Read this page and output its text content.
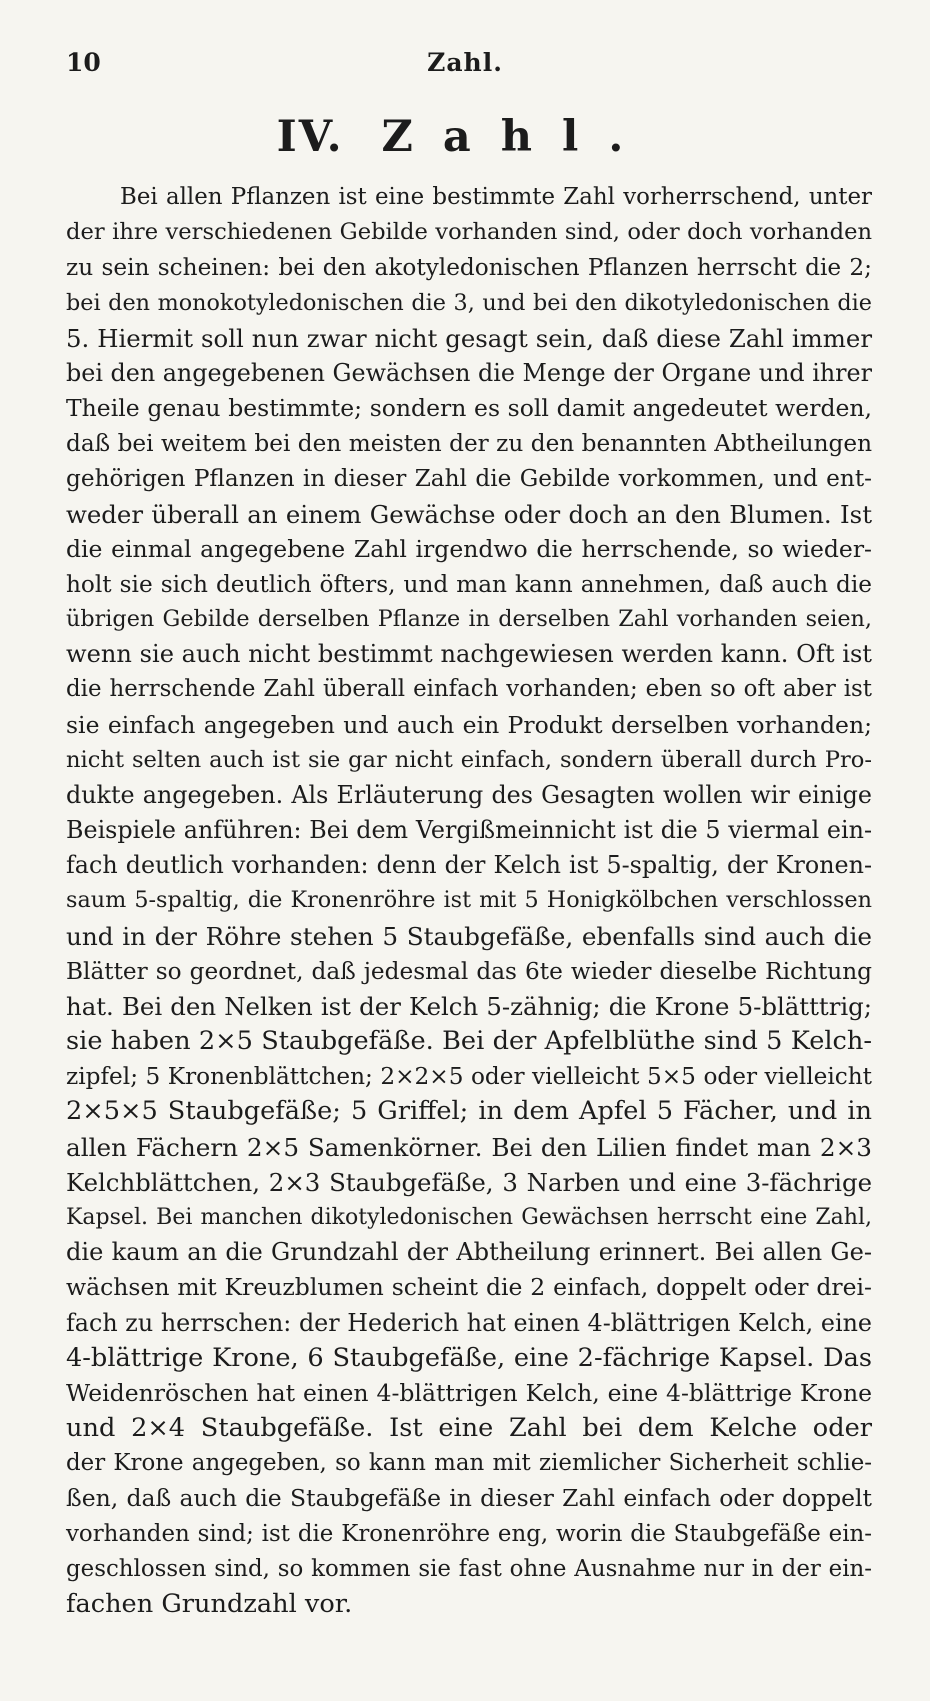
10	Zahl.
IV. Zahl.
Bei allen Pflanzen ist eine bestimmte Zahl vorherrschend, unter
der ihre verschiedenen Gebilde vorhanden sind, oder doch vorhanden
zu sein scheinen: bei den akotyledonischen Pflanzen herrscht die 2;
bei den monokotyledonischen die 3, und bei den dikotyledonischen die
5. Hiermit soll nun zwar nicht gesagt sein, daß diese Zahl immer
bei den angegebenen Gewächsen die Menge der Organe und ihrer
Theile genau bestimmte; sondern es soll damit angedeutet werden,
daß bei weitem bei den meisten der zu den benannten Abtheilungen
gehörigen Pflanzen in dieser Zahl die Gebilde vorkommen, und ent-
weder überall an einem Gewächse oder doch an den Blumen. Ist
die einmal angegebene Zahl irgendwo die herrschende, so wieder-
holt sie sich deutlich öfters, und man kann annehmen, daß auch die
übrigen Gebilde derselben Pflanze in derselben Zahl vorhanden seien,
wenn sie auch nicht bestimmt nachgewiesen werden kann. Oft ist
die herrschende Zahl überall einfach vorhanden; eben so oft aber ist
sie einfach angegeben und auch ein Produkt derselben vorhanden;
nicht selten auch ist sie gar nicht einfach, sondern überall durch Pro-
dukte angegeben. Als Erläuterung des Gesagten wollen wir einige
Beispiele anführen: Bei dem Vergißmeinnicht ist die 5 viermal ein-
fach deutlich vorhanden: denn der Kelch ist 5-spaltig, der Kronen-
saum 5-spaltig, die Kronenröhre ist mit 5 Honigkölbchen verschlossen
und in der Röhre stehen 5 Staubgefäße, ebenfalls sind auch die
Blätter so geordnet, daß jedesmal das 6te wieder dieselbe Richtung
hat. Bei den Nelken ist der Kelch 5-zähnig; die Krone 5-blätttrig;
sie haben 2×5 Staubgefäße. Bei der Apfelblüthe sind 5 Kelch-
zipfel; 5 Kronenblättchen; 2×2×5 oder vielleicht 5×5 oder vielleicht
2×5×5 Staubgefäße; 5 Griffel; in dem Apfel 5 Fächer, und in
allen Fächern 2×5 Samenkörner. Bei den Lilien findet man 2×3
Kelchblättchen, 2×3 Staubgefäße, 3 Narben und eine 3-fächrige
Kapsel. Bei manchen dikotyledonischen Gewächsen herrscht eine Zahl,
die kaum an die Grundzahl der Abtheilung erinnert. Bei allen Ge-
wächsen mit Kreuzblumen scheint die 2 einfach, doppelt oder drei-
fach zu herrschen: der Hederich hat einen 4-blättrigen Kelch, eine
4-blättrige Krone, 6 Staubgefäße, eine 2-fächrige Kapsel. Das
Weidenröschen hat einen 4-blättrigen Kelch, eine 4-blättrige Krone
und 2×4 Staubgefäße. Ist eine Zahl bei dem Kelche oder
der Krone angegeben, so kann man mit ziemlicher Sicherheit schlie-
ßen, daß auch die Staubgefäße in dieser Zahl einfach oder doppelt
vorhanden sind; ist die Kronenröhre eng, worin die Staubgefäße ein-
geschlossen sind, so kommen sie fast ohne Ausnahme nur in der ein-
fachen Grundzahl vor.
